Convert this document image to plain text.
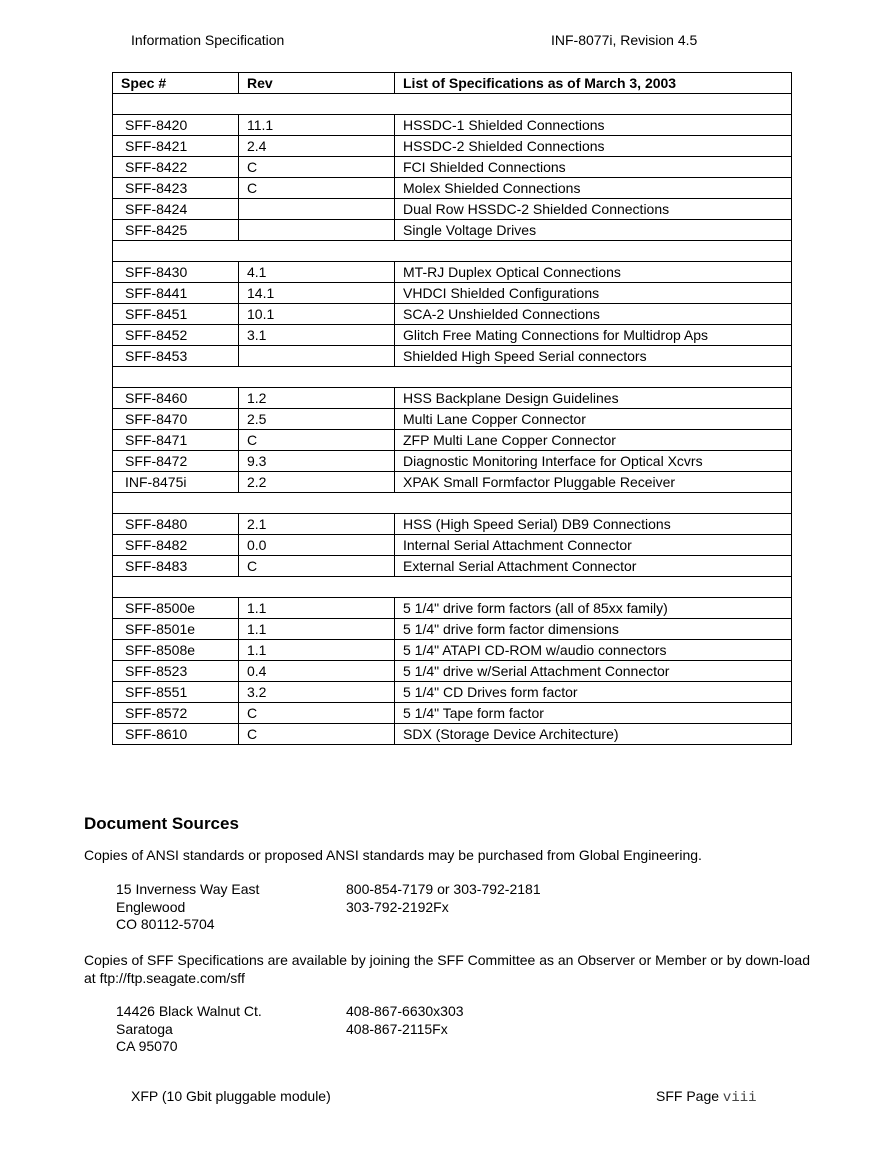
Information Specification	INF-8077i, Revision 4.5
Spec #	Rev	List of Specifications as of March 3, 2003

SFF-8420	11.1	HSSDC-1 Shielded Connections
SFF-8421	2.4	HSSDC-2 Shielded Connections
SFF-8422	C	FCI Shielded Connections
SFF-8423	C	Molex Shielded Connections
SFF-8424		Dual Row HSSDC-2 Shielded Connections
SFF-8425		Single Voltage Drives

SFF-8430	4.1	MT-RJ Duplex Optical Connections
SFF-8441	14.1	VHDCI Shielded Configurations
SFF-8451	10.1	SCA-2 Unshielded Connections
SFF-8452	3.1	Glitch Free Mating Connections for Multidrop Aps
SFF-8453		Shielded High Speed Serial connectors

SFF-8460	1.2	HSS Backplane Design Guidelines
SFF-8470	2.5	Multi Lane Copper Connector
SFF-8471	C	ZFP Multi Lane Copper Connector
SFF-8472	9.3	Diagnostic Monitoring Interface for Optical Xcvrs
INF-8475i	2.2	XPAK Small Formfactor Pluggable Receiver

SFF-8480	2.1	HSS (High Speed Serial) DB9 Connections
SFF-8482	0.0	Internal Serial Attachment Connector
SFF-8483	C	External Serial Attachment Connector

SFF-8500e	1.1	5 1/4" drive form factors (all of 85xx family)
SFF-8501e	1.1	5 1/4" drive form factor dimensions
SFF-8508e	1.1	5 1/4" ATAPI CD-ROM w/audio connectors
SFF-8523	0.4	5 1/4" drive w/Serial Attachment Connector
SFF-8551	3.2	5 1/4" CD Drives form factor
SFF-8572	C	5 1/4" Tape form factor
SFF-8610	C	SDX (Storage Device Architecture)
Document Sources
Copies of ANSI standards or proposed ANSI standards may be purchased from Global Engineering.
15 Inverness Way East
Englewood
CO 80112-5704
800-854-7179 or 303-792-2181
303-792-2192Fx
Copies of SFF Specifications are available by joining the SFF Committee as an Observer or Member or by down-load at ftp://ftp.seagate.com/sff
14426 Black Walnut Ct.
Saratoga
CA 95070
408-867-6630x303
408-867-2115Fx
XFP (10 Gbit pluggable module)	SFF Page viii
